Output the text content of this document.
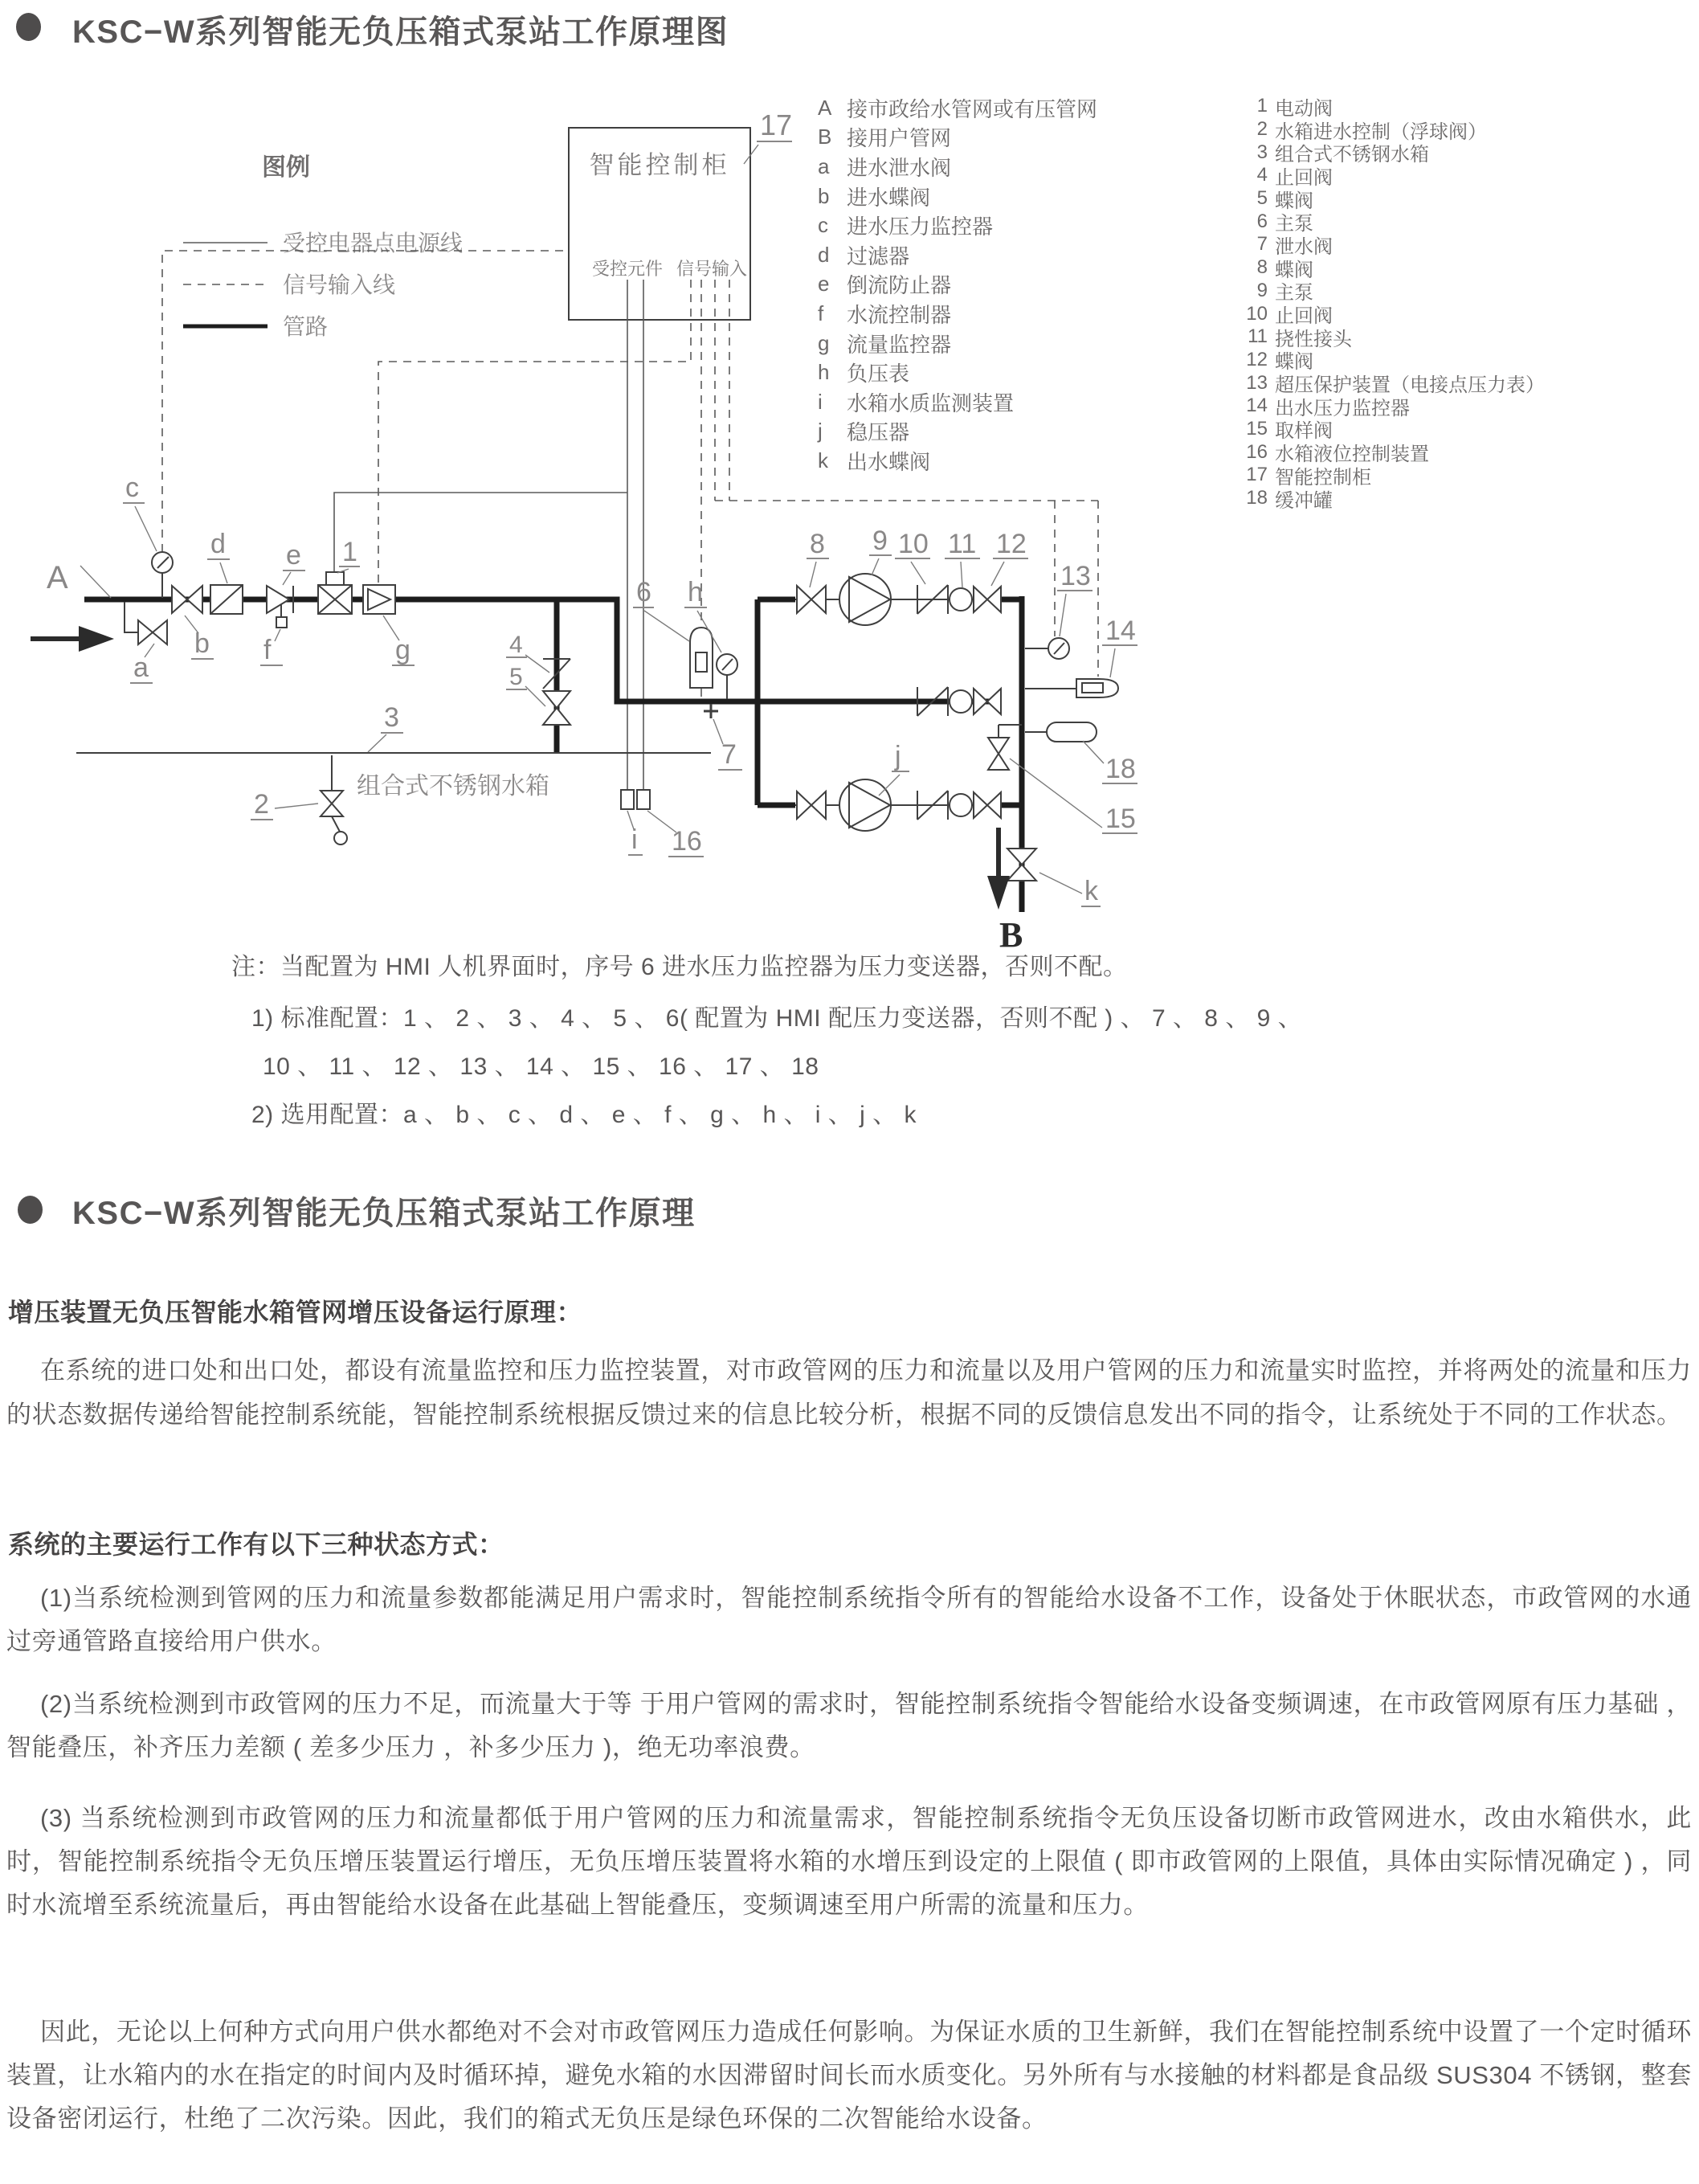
KSC−W系列智能无负压箱式泵站工作原理图
图例
受控电器点电源线
信号输入线
管路
智能控制柜
受控元件 信号输入
17
A
c
b
a
d e
f
1
g	4
5
3
2
6 h
7
i 16
8 9 10 11 12
13
14
18
15
j
k
B
组合式不锈钢水箱
A 接市政给水管网或有压管网
B 接用户管网
a 进水泄水阀
b 进水蝶阀
c 进水压力监控器
d 过滤器
e 倒流防止器
f	水流控制器
g 流量监控器
h 负压表
i	水箱水质监测装置
j	稳压器
k 出水蝶阀
1 电动阀
2 水箱进水控制（浮球阀）
3 组合式不锈钢水箱
4 止回阀
5 蝶阀
6 主泵
7 泄水阀
8 蝶阀
9 主泵
10 止回阀
11 挠性接头
12 蝶阀
13 超压保护装置（电接点压力表）
14 出水压力监控器
15 取样阀
16 水箱液位控制装置
17 智能控制柜
18 缓冲罐
注：当配置为 HMI 人机界面时，序号 6 进水压力监控器为压力变送器，否则不配。
1) 标准配置：1 、 2 、 3 、 4 、 5 、 6( 配置为 HMI 配压力变送器，否则不配 ) 、 7 、 8 、 9 、
10 、 11 、 12 、 13 、 14 、 15 、 16 、 17 、 18
2) 选用配置：a 、 b 、 c 、 d 、 e 、 f 、 g 、 h 、 i 、 j 、 k
KSC−W系列智能无负压箱式泵站工作原理
增压装置无负压智能水箱管网增压设备运行原理：
在系统的进口处和出口处，都设有流量监控和压力监控装置，对市政管网的压力和流量以及用户管网的压力和流量实时监控，并将两处的流量和压力的状态数据传递给智能控制系统能，智能控制系统根据反馈过来的信息比较分析，根据不同的反馈信息发出不同的指令，让系统处于不同的工作状态。
系统的主要运行工作有以下三种状态方式：
(1)当系统检测到管网的压力和流量参数都能满足用户需求时，智能控制系统指令所有的智能给水设备不工作，设备处于休眠状态，市政管网的水通过旁通管路直接给用户供水。
(2)当系统检测到市政管网的压力不足，而流量大于等 于用户管网的需求时，智能控制系统指令智能给水设备变频调速，在市政管网原有压力基础 ，智能叠压，补齐压力差额 ( 差多少压力 ，补多少压力 )，绝无功率浪费。
(3) 当系统检测到市政管网的压力和流量都低于用户管网的压力和流量需求，智能控制系统指令无负压设备切断市政管网进水，改由水箱供水，此时，智能控制系统指令无负压增压装置运行增压，无负压增压装置将水箱的水增压到设定的上限值 ( 即市政管网的上限值，具体由实际情况确定 ) ，同时水流增至系统流量后，再由智能给水设备在此基础上智能叠压，变频调速至用户所需的流量和压力。
因此，无论以上何种方式向用户供水都绝对不会对市政管网压力造成任何影响。为保证水质的卫生新鲜，我们在智能控制系统中设置了一个定时循环装置，让水箱内的水在指定的时间内及时循环掉，避免水箱的水因滞留时间长而水质变化。另外所有与水接触的材料都是食品级 SUS304 不锈钢，整套设备密闭运行，杜绝了二次污染。因此，我们的箱式无负压是绿色环保的二次智能给水设备。
